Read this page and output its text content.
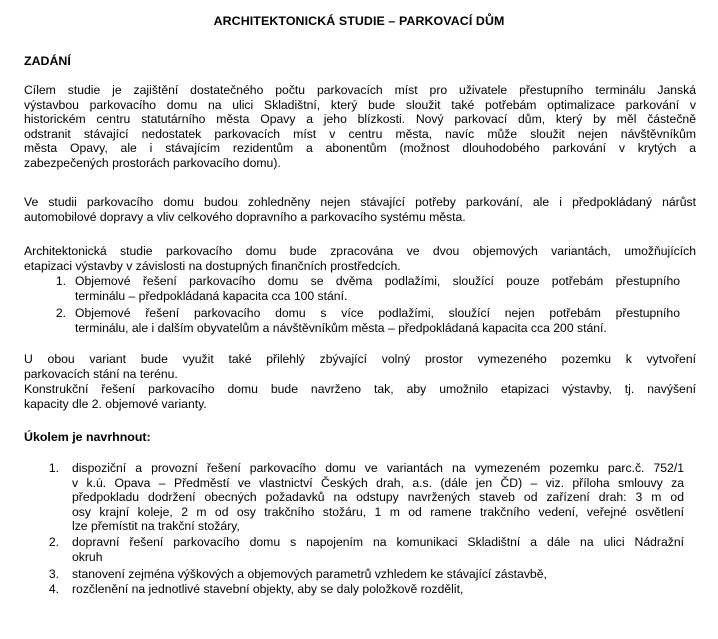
ARCHITEKTONICKÁ STUDIE – PARKOVACÍ DŮM
ZADÁNÍ
Cílem studie je zajištění dostatečného počtu parkovacích míst pro uživatele přestupního terminálu Janská
výstavbou parkovacího domu na ulici Skladištní, který bude sloužit také potřebám optimalizace parkování v
historickém centru statutárního města Opavy a jeho blízkosti. Nový parkovací dům, který by měl částečně
odstranit stávající nedostatek parkovacích míst v centru města, navíc může sloužit nejen návštěvníkům
města Opavy, ale i stávajícím rezidentům a abonentům (možnost dlouhodobého parkování v krytých a
zabezpečených prostorách parkovacího domu).
Ve studii parkovacího domu budou zohledněny nejen stávající potřeby parkování, ale i předpokládaný nárůst
automobilové dopravy a vliv celkového dopravního a parkovacího systému města.
Architektonická studie parkovacího domu bude zpracována ve dvou objemových variantách, umožňujících
etapizaci výstavby v závislosti na dostupných finančních prostředcích.
1. Objemové řešení parkovacího domu se dvěma podlažími, sloužící pouze potřebám přestupního
terminálu – předpokládaná kapacita cca 100 stání.
2. Objemové řešení parkovacího domu s více podlažími, sloužící nejen potřebám přestupního
terminálu, ale i dalším obyvatelům a návštěvníkům města – předpokládaná kapacita cca 200 stání.
U obou variant bude využit také přilehlý zbývající volný prostor vymezeného pozemku k vytvoření
parkovacích stání na terénu.
Konstrukční řešení parkovacího domu bude navrženo tak, aby umožnilo etapizaci výstavby, tj. navýšení
kapacity dle 2. objemové varianty.
Úkolem je navrhnout:
1. dispoziční a provozní řešení parkovacího domu ve variantách na vymezeném pozemku parc.č. 752/1
v k.ú. Opava – Předměstí ve vlastnictví Českých drah, a.s. (dále jen ČD) – viz. příloha smlouvy za
předpokladu dodržení obecných požadavků na odstupy navržených staveb od zařízení drah: 3 m od
osy krajní koleje, 2 m od osy trakčního stožáru, 1 m od ramene trakčního vedení, veřejné osvětlení
lze přemístit na trakční stožáry,
2. dopravní řešení parkovacího domu s napojením na komunikaci Skladištní a dále na ulici Nádražní
okruh
3. stanovení zejména výškových a objemových parametrů vzhledem ke stávající zástavbě,
4. rozčlenění na jednotlivé stavební objekty, aby se daly položkově rozdělit,
